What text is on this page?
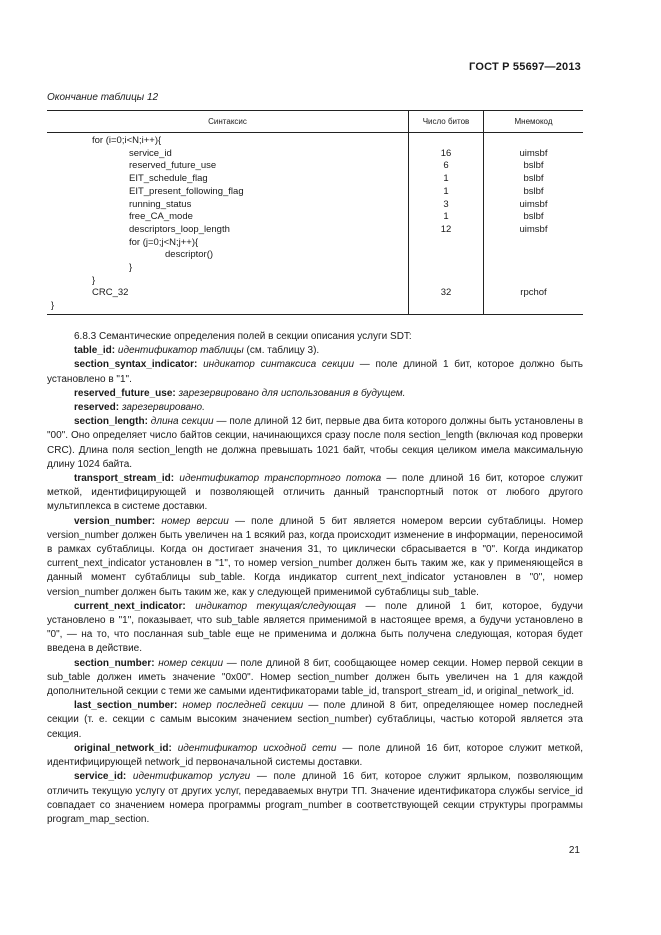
ГОСТ Р 55697—2013
Окончание таблицы 12
Синтаксис	Число битов	Мнемокод
for (i=0;i<N;i++){
service_id	16	uimsbf
reserved_future_use	6	bslbf
EIT_schedule_flag	1	bslbf
EIT_present_following_flag	1	bslbf
running_status	3	uimsbf
free_CA_mode	1	bslbf
descriptors_loop_length	12	uimsbf
for (j=0;j<N;j++){
descriptor()
}
}
CRC_32	32	rpchof
}

6.8.3 Семантические определения полей в секции описания услуги SDT:

table_id: идентификатор таблицы (см. таблицу 3).

section_syntax_indicator: индикатор синтаксиса секции — поле длиной 1 бит, которое должно быть установлено в "1".

reserved_future_use: зарезервировано для использования в будущем.

reserved: зарезервировано.

section_length: длина секции — поле длиной 12 бит, первые два бита которого должны быть установлены в "00". Оно определяет число байтов секции, начинающихся сразу после поля section_length (включая код проверки CRC). Длина поля section_length не должна превышать 1021 байт, чтобы секция целиком имела максимальную длину 1024 байта.

transport_stream_id: идентификатор транспортного потока — поле длиной 16 бит, которое служит меткой, идентифицирующей и позволяющей отличить данный транспортный поток от любого другого мультиплекса в системе доставки.

version_number: номер версии — поле длиной 5 бит является номером версии субтаблицы. Номер version_number должен быть увеличен на 1 всякий раз, когда происходит изменение в информации, переносимой в рамках субтаблицы. Когда он достигает значения 31, то циклически сбрасывается в "0". Когда индикатор current_next_indicator установлен в "1", то номер version_number должен быть таким же, как у применяющейся в данный момент субтаблицы sub_table. Когда индикатор current_next_indicator установлен в "0", номер version_number должен быть таким же, как у следующей применимой субтаблицы sub_table.

current_next_indicator: индикатор текущая/следующая — поле длиной 1 бит, которое, будучи установлено в "1", показывает, что sub_table является применимой в настоящее время, а будучи установлено в "0", — на то, что посланная sub_table еще не применима и должна быть получена следующая, которая будет введена в действие.

section_number: номер секции — поле длиной 8 бит, сообщающее номер секции. Номер первой секции в sub_table должен иметь значение "0x00". Номер section_number должен быть увеличен на 1 для каждой дополнительной секции с теми же самыми идентификаторами table_id, transport_stream_id, и original_network_id.

last_section_number: номер последней секции — поле длиной 8 бит, определяющее номер последней секции (т. е. секции с самым высоким значением section_number) субтаблицы, частью которой является эта секция.

original_network_id: идентификатор исходной сети — поле длиной 16 бит, которое служит меткой, идентифицирующей network_id первоначальной системы доставки.

service_id: идентификатор услуги — поле длиной 16 бит, которое служит ярлыком, позволяющим отличить текущую услугу от других услуг, передаваемых внутри ТП. Значение идентификатора службы service_id совпадает со значением номера программы program_number в соответствующей секции структуры программы program_map_section.

21
